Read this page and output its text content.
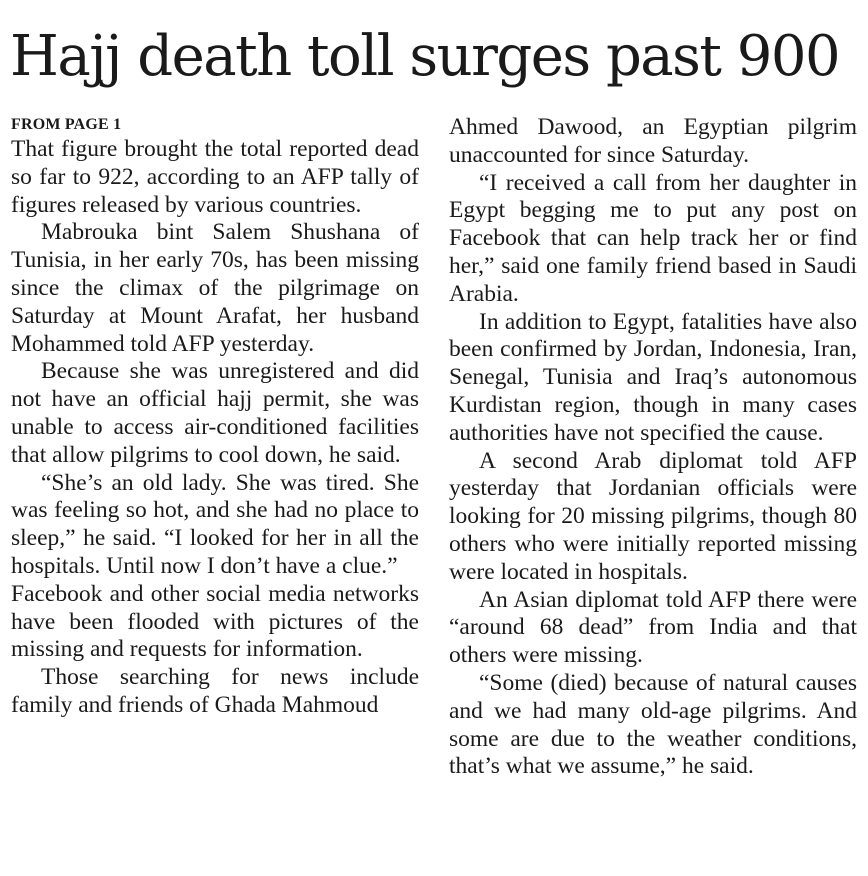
Hajj death toll surges past 900
FROM PAGE 1

That figure brought the total reported dead so far to 922, according to an AFP tally of figures released by various countries.

Mabrouka bint Salem Shushana of Tunisia, in her early 70s, has been missing since the climax of the pilgrimage on Saturday at Mount Arafat, her husband Mohammed told AFP yesterday.

Because she was unregistered and did not have an official hajj permit, she was unable to access air-conditioned facilities that allow pilgrims to cool down, he said.

“She’s an old lady. She was tired. She was feeling so hot, and she had no place to sleep,” he said. “I looked for her in all the hospitals. Until now I don’t have a clue.”

Facebook and other social media networks have been flooded with pictures of the missing and requests for information.

Those searching for news include family and friends of Ghada Mahmoud

Ahmed Dawood, an Egyptian pilgrim unaccounted for since Saturday.

“I received a call from her daughter in Egypt begging me to put any post on Facebook that can help track her or find her,” said one family friend based in Saudi Arabia.

In addition to Egypt, fatalities have also been confirmed by Jordan, Indonesia, Iran, Senegal, Tunisia and Iraq’s autonomous Kurdistan region, though in many cases authorities have not specified the cause.

A second Arab diplomat told AFP yesterday that Jordanian officials were looking for 20 missing pilgrims, though 80 others who were initially reported missing were located in hospitals.

An Asian diplomat told AFP there were “around 68 dead” from India and that others were missing.

“Some (died) because of natural causes and we had many old-age pilgrims. And some are due to the weather conditions, that’s what we assume,” he said.
